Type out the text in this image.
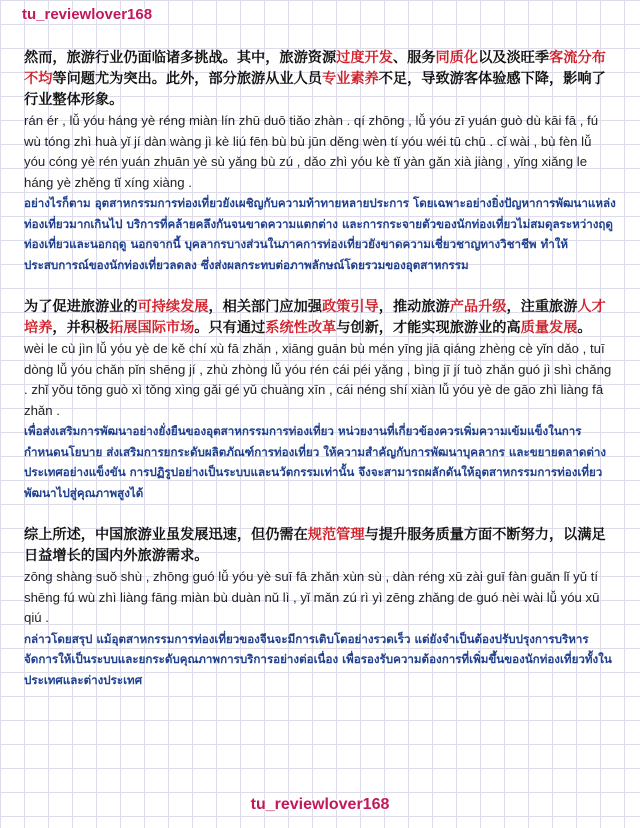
tu_reviewlover168

然而，旅游行业仍面临诸多挑战。其中，旅游资源过度开发、服务同质化以及淡旺季客流分布不均等问题尤为突出。此外，部分旅游从业人员专业素养不足，导致游客体验感下降，影响了行业整体形象。

rán ér , lǚ yóu háng yè réng miàn lín zhū duō tiǎo zhàn . qí zhōng , lǚ yóu zī yuán guò dù kāi fā , fú wù tóng zhì huà yǐ jí dàn wàng jì kè liú fēn bù bù jūn děng wèn tí yóu wéi tū chū . cǐ wài , bù fèn lǚ yóu cóng yè rén yuán zhuān yè sù yǎng bù zú , dǎo zhì yóu kè tǐ yàn gǎn xià jiàng , yǐng xiǎng le háng yè zhěng tǐ xíng xiàng .

อย่างไรก็ตาม อุตสาหกรรมการท่องเที่ยวยังเผชิญกับความท้าทายหลายประการ โดยเฉพาะอย่างยิ่งปัญหาการพัฒนาแหล่งท่องเที่ยวมากเกินไป บริการที่คล้ายคลึงกันจนขาดความแตกต่าง และการกระจายตัวของนักท่องเที่ยวไม่สมดุลระหว่างฤดูท่องเที่ยวและนอกฤดู นอกจากนี้ บุคลากรบางส่วนในภาคการท่องเที่ยวยังขาดความเชี่ยวชาญทางวิชาชีพ ทำให้ประสบการณ์ของนักท่องเที่ยวลดลง ซึ่งส่งผลกระทบต่อภาพลักษณ์โดยรวมของอุตสาหกรรม

为了促进旅游业的可持续发展，相关部门应加强政策引导，推动旅游产品升级，注重旅游人才培养，并积极拓展国际市场。只有通过系统性改革与创新，才能实现旅游业的高质量发展。

wèi le cù jìn lǚ yóu yè de kě chí xù fā zhǎn , xiāng guān bù mén yīng jiā qiáng zhèng cè yǐn dǎo , tuī dòng lǚ yóu chǎn pǐn shēng jí , zhù zhòng lǚ yóu rén cái péi yǎng , bìng jī jí tuò zhǎn guó jì shì chǎng . zhǐ yǒu tōng guò xì tǒng xìng gǎi gé yǔ chuàng xīn , cái néng shí xiàn lǚ yóu yè de gāo zhì liàng fā zhǎn .

เพื่อส่งเสริมการพัฒนาอย่างยั่งยืนของอุตสาหกรรมการท่องเที่ยว หน่วยงานที่เกี่ยวข้องควรเพิ่มความเข้มแข็งในการกำหนดนโยบาย ส่งเสริมการยกระดับผลิตภัณฑ์การท่องเที่ยว ให้ความสำคัญกับการพัฒนาบุคลากร และขยายตลาดต่างประเทศอย่างแข็งขัน การปฏิรูปอย่างเป็นระบบและนวัตกรรมเท่านั้น จึงจะสามารถผลักดันให้อุตสาหกรรมการท่องเที่ยวพัฒนาไปสู่คุณภาพสูงได้

综上所述，中国旅游业虽发展迅速，但仍需在规范管理与提升服务质量方面不断努力，以满足日益增长的国内外旅游需求。

zōng shàng suǒ shù , zhōng guó lǚ yóu yè suī fā zhǎn xùn sù , dàn réng xū zài guī fàn guǎn lǐ yǔ tí shēng fú wù zhì liàng fāng miàn bù duàn nǔ lì , yǐ mǎn zú rì yì zēng zhǎng de guó nèi wài lǚ yóu xū qiú .

กล่าวโดยสรุป แม้อุตสาหกรรมการท่องเที่ยวของจีนจะมีการเติบโตอย่างรวดเร็ว แต่ยังจำเป็นต้องปรับปรุงการบริหารจัดการให้เป็นระบบและยกระดับคุณภาพการบริการอย่างต่อเนื่อง เพื่อรองรับความต้องการที่เพิ่มขึ้นของนักท่องเที่ยวทั้งในประเทศและต่างประเทศ

tu_reviewlover168
